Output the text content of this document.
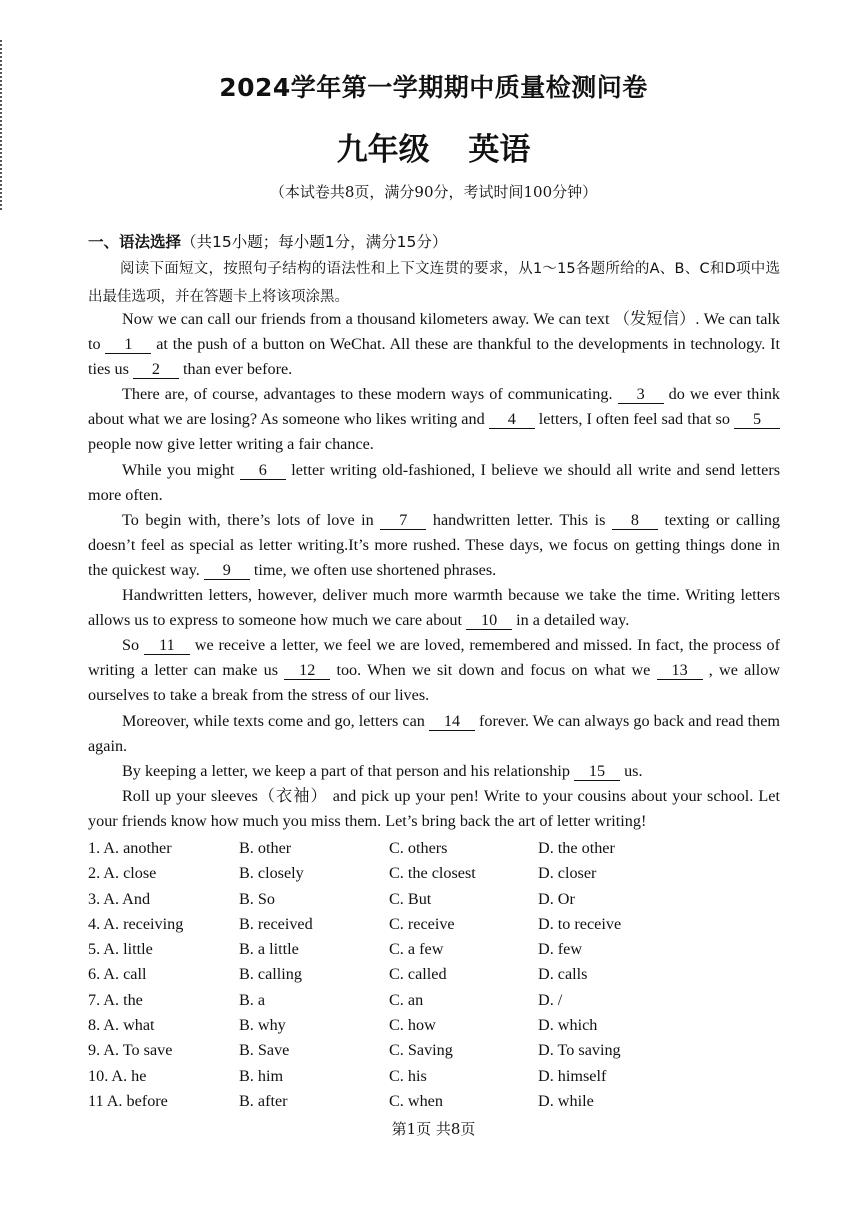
2024学年第一学期期中质量检测问卷
九年级 英语
（本试卷共8页，满分90分，考试时间100分钟）
一、语法选择（共15小题；每小题1分，满分15分）
阅读下面短文，按照句子结构的语法性和上下文连贯的要求，从1～15各题所给的A、B、C和D项中选出最佳选项，并在答题卡上将该项涂黑。

Now we can call our friends from a thousand kilometers away. We can text （发短信）. We can talk to 1 at the push of a button on WeChat. All these are thankful to the developments in technology. It ties us 2 than ever before.

There are, of course, advantages to these modern ways of communicating. 3 do we ever think about what we are losing? As someone who likes writing and 4 letters, I often feel sad that so 5 people now give letter writing a fair chance.

While you might 6 letter writing old-fashioned, I believe we should all write and send letters more often.

To begin with, there’s lots of love in 7 handwritten letter. This is 8 texting or calling doesn’t feel as special as letter writing.It’s more rushed. These days, we focus on getting things done in the quickest way. 9 time, we often use shortened phrases.

Handwritten letters, however, deliver much more warmth because we take the time. Writing letters allows us to express to someone how much we care about 10 in a detailed way.

So 11 we receive a letter, we feel we are loved, remembered and missed. In fact, the process of writing a letter can make us 12 too. When we sit down and focus on what we 13 , we allow ourselves to take a break from the stress of our lives.

Moreover, while texts come and go, letters can 14 forever. We can always go back and read them again.

By keeping a letter, we keep a part of that person and his relationship 15 us.

Roll up your sleeves（衣袖） and pick up your pen! Write to your cousins about your school. Let your friends know how much you miss them. Let’s bring back the art of letter writing!

1. A. another	B. other	C. others	D. the other
2. A. close	B. closely	C. the closest	D. closer
3. A. And	B. So	C. But	D. Or
4. A. receiving	B. received	C. receive	D. to receive
5. A. little	B. a little	C. a few	D. few
6. A. call	B. calling	C. called	D. calls
7. A. the	B. a	C. an	D. /
8. A. what	B. why	C. how	D. which
9. A. To save	B. Save	C. Saving	D. To saving
10. A. he	B. him	C. his	D. himself
11 A. before	B. after	C. when	D. while
第1页 共8页
